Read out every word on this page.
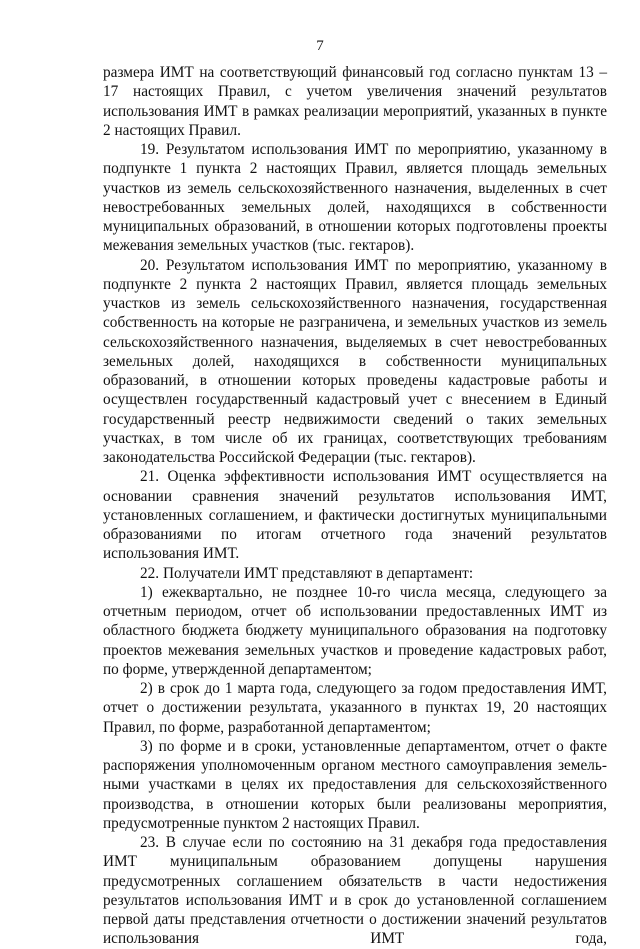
7

размера ИМТ на соответствующий финансовый год согласно пунктам 13 – 17 настоящих Правил, с учетом увеличения значений результатов использования ИМТ в рамках реализации мероприятий, указанных в пункте 2 настоящих Правил.

19. Результатом использования ИМТ по мероприятию, указанному в подпункте 1 пункта 2 настоящих Правил, является площадь земельных участков из земель сельскохозяйственного назначения, выделенных в счет невостребованных земельных долей, находящихся в собственности муниципальных образований, в отношении которых подготовлены проекты межевания земельных участков (тыс. гектаров).

20. Результатом использования ИМТ по мероприятию, указанному в подпункте 2 пункта 2 настоящих Правил, является площадь земельных участков из земель сельскохозяйственного назначения, государственная собственность на которые не разграничена, и земельных участков из земель сельскохозяйственного назначения, выделяемых в счет невостребованных земельных долей, находящихся в собственности муниципальных образований, в отношении которых проведены кадастровые работы и осуществлен государственный кадастровый учет с внесением в Единый государственный реестр недвижимости сведений о таких земельных участках, в том числе об их границах, соответствующих требованиям законодательства Российской Федерации (тыс. гектаров).

21. Оценка эффективности использования ИМТ осуществляется на основании сравнения значений результатов использования ИМТ, установленных соглашением, и фактически достигнутых муниципальными образованиями по итогам отчетного года значений результатов использования ИМТ.

22. Получатели ИМТ представляют в департамент:

1) ежеквартально, не позднее 10-го числа месяца, следующего за отчетным периодом, отчет об использовании предоставленных ИМТ из областного бюджета бюджету муниципального образования на подготовку проектов межевания земельных участков и проведение кадастровых работ, по форме, утвержденной департаментом;

2) в срок до 1 марта года, следующего за годом предоставления ИМТ, отчет о достижении результата, указанного в пунктах 19, 20 настоящих Правил, по форме, разработанной департаментом;

3) по форме и в сроки, установленные департаментом, отчет о факте распоряжения уполномоченным органом местного самоуправления земель-ными участками в целях их предоставления для сельскохозяйственного производства, в отношении которых были реализованы мероприятия, предусмотренные пунктом 2 настоящих Правил.

23. В случае если по состоянию на 31 декабря года предоставления ИМТ муниципальным образованием допущены нарушения предусмотренных соглашением обязательств в части недостижения результатов использования ИМТ и в срок до установленной соглашением первой даты представления отчетности о достижении значений результатов использования ИМТ года,
